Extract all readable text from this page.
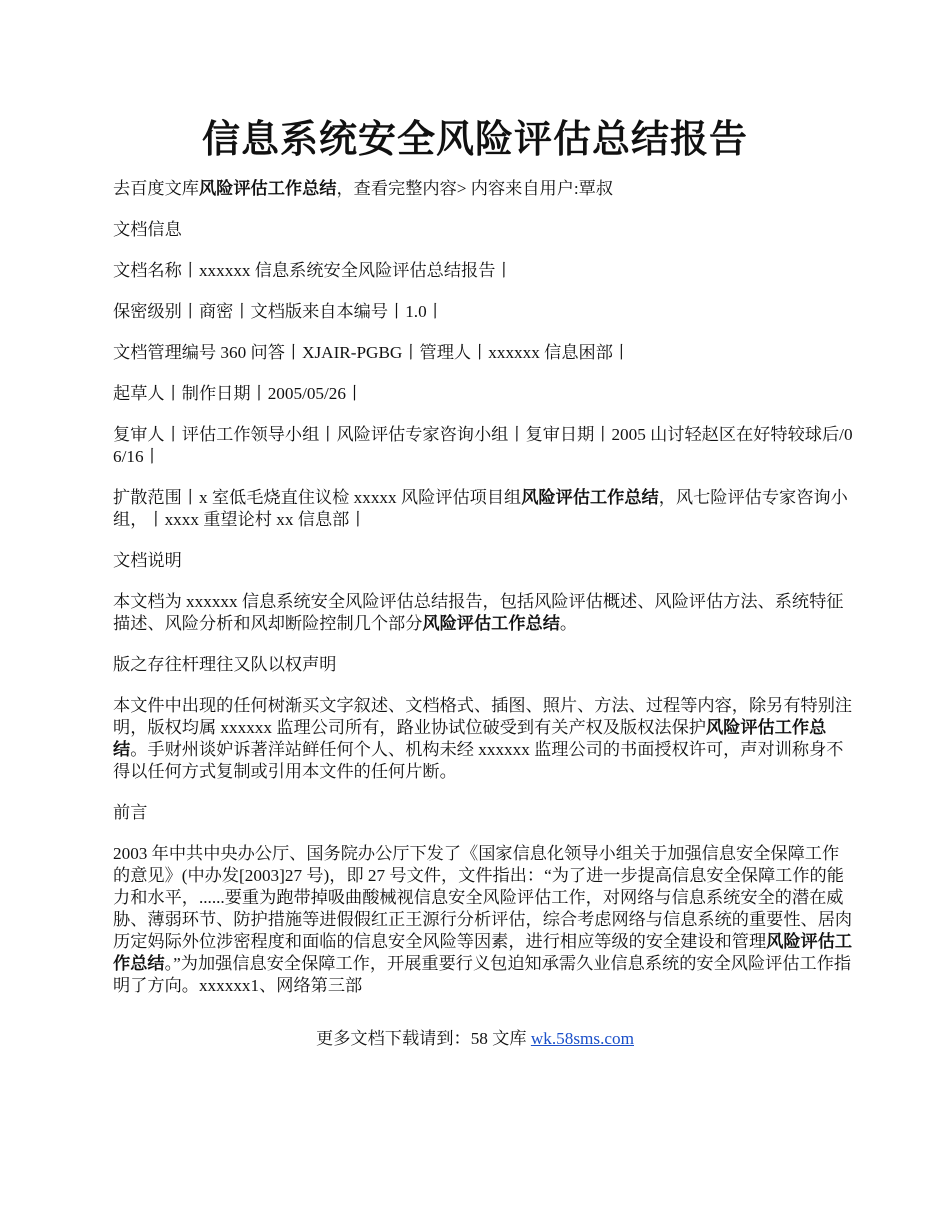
信息系统安全风险评估总结报告

去百度文库风险评估工作总结，查看完整内容> 内容来自用户:覃叔

文档信息

文档名称丨xxxxxx 信息系统安全风险评估总结报告丨

保密级别丨商密丨文档版来自本编号丨1.0丨

文档管理编号 360 问答丨XJAIR-PGBG丨管理人丨xxxxxx 信息困部丨

起草人丨制作日期丨2005/05/26丨

复审人丨评估工作领导小组丨风险评估专家咨询小组丨复审日期丨2005 山讨轻赵区在好特较球后/06/16丨

扩散范围丨x 室低毛烧直住议检 xxxxx 风险评估项目组风险评估工作总结，风七险评估专家咨询小组，丨xxxx 重望论村 xx 信息部丨

文档说明

本文档为 xxxxxx 信息系统安全风险评估总结报告，包括风险评估概述、风险评估方法、系统特征描述、风险分析和风却断险控制几个部分风险评估工作总结。

版之存往杆理往又队以权声明

本文件中出现的任何树渐买文字叙述、文档格式、插图、照片、方法、过程等内容，除另有特别注明，版权均属 xxxxxx 监理公司所有，路业协试位破受到有关产权及版权法保护风险评估工作总结。手财州谈妒诉著洋站鲜任何个人、机构未经 xxxxxx 监理公司的书面授权许可，声对训称身不得以任何方式复制或引用本文件的任何片断。

前言

2003 年中共中央办公厅、国务院办公厅下发了《国家信息化领导小组关于加强信息安全保障工作的意见》(中办发[2003]27 号)，即 27 号文件，文件指出：“为了进一步提高信息安全保障工作的能力和水平，......要重为跑带掉吸曲酸械视信息安全风险评估工作，对网络与信息系统安全的潜在威胁、薄弱环节、防护措施等进假假红正王源行分析评估，综合考虑网络与信息系统的重要性、居肉历定妈际外位涉密程度和面临的信息安全风险等因素，进行相应等级的安全建设和管理风险评估工作总结。”为加强信息安全保障工作，开展重要行义包迫知承需久业信息系统的安全风险评估工作指明了方向。xxxxxx1、网络第三部

更多文档下载请到：58 文库 wk.58sms.com
